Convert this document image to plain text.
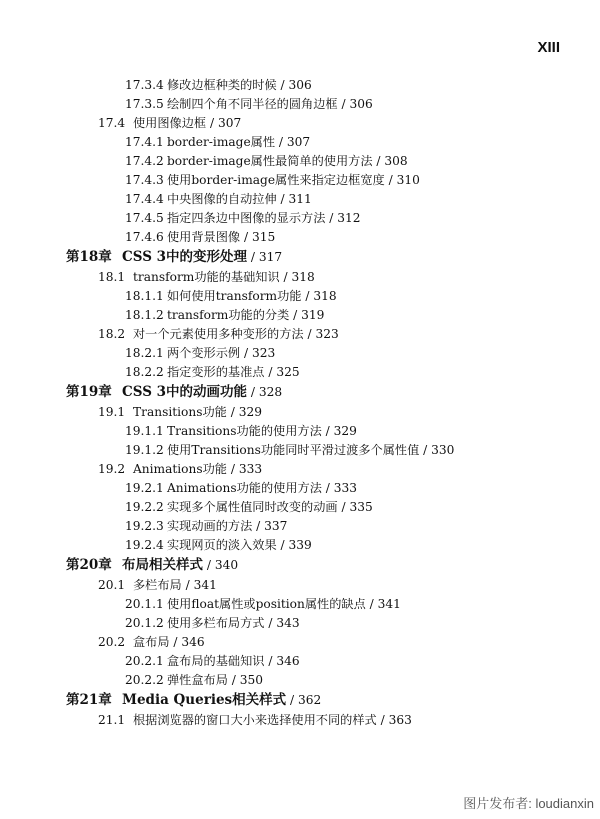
XIII
17.3.4 修改边框种类的时候 / 306
17.3.5 绘制四个角不同半径的圆角边框 / 306
17.4 使用图像边框 / 307
17.4.1 border-image属性 / 307
17.4.2 border-image属性最简单的使用方法 / 308
17.4.3 使用border-image属性来指定边框宽度 / 310
17.4.4 中央图像的自动拉伸 / 311
17.4.5 指定四条边中图像的显示方法 / 312
17.4.6 使用背景图像 / 315
第18章 CSS 3中的变形处理 / 317
18.1 transform功能的基础知识 / 318
18.1.1 如何使用transform功能 / 318
18.1.2 transform功能的分类 / 319
18.2 对一个元素使用多种变形的方法 / 323
18.2.1 两个变形示例 / 323
18.2.2 指定变形的基准点 / 325
第19章 CSS 3中的动画功能 / 328
19.1 Transitions功能 / 329
19.1.1 Transitions功能的使用方法 / 329
19.1.2 使用Transitions功能同时平滑过渡多个属性值 / 330
19.2 Animations功能 / 333
19.2.1 Animations功能的使用方法 / 333
19.2.2 实现多个属性值同时改变的动画 / 335
19.2.3 实现动画的方法 / 337
19.2.4 实现网页的淡入效果 / 339
第20章 布局相关样式 / 340
20.1 多栏布局 / 341
20.1.1 使用float属性或position属性的缺点 / 341
20.1.2 使用多栏布局方式 / 343
20.2 盒布局 / 346
20.2.1 盒布局的基础知识 / 346
20.2.2 弹性盒布局 / 350
第21章 Media Queries相关样式 / 362
21.1 根据浏览器的窗口大小来选择使用不同的样式 / 363
图片发布者: loudianxin
